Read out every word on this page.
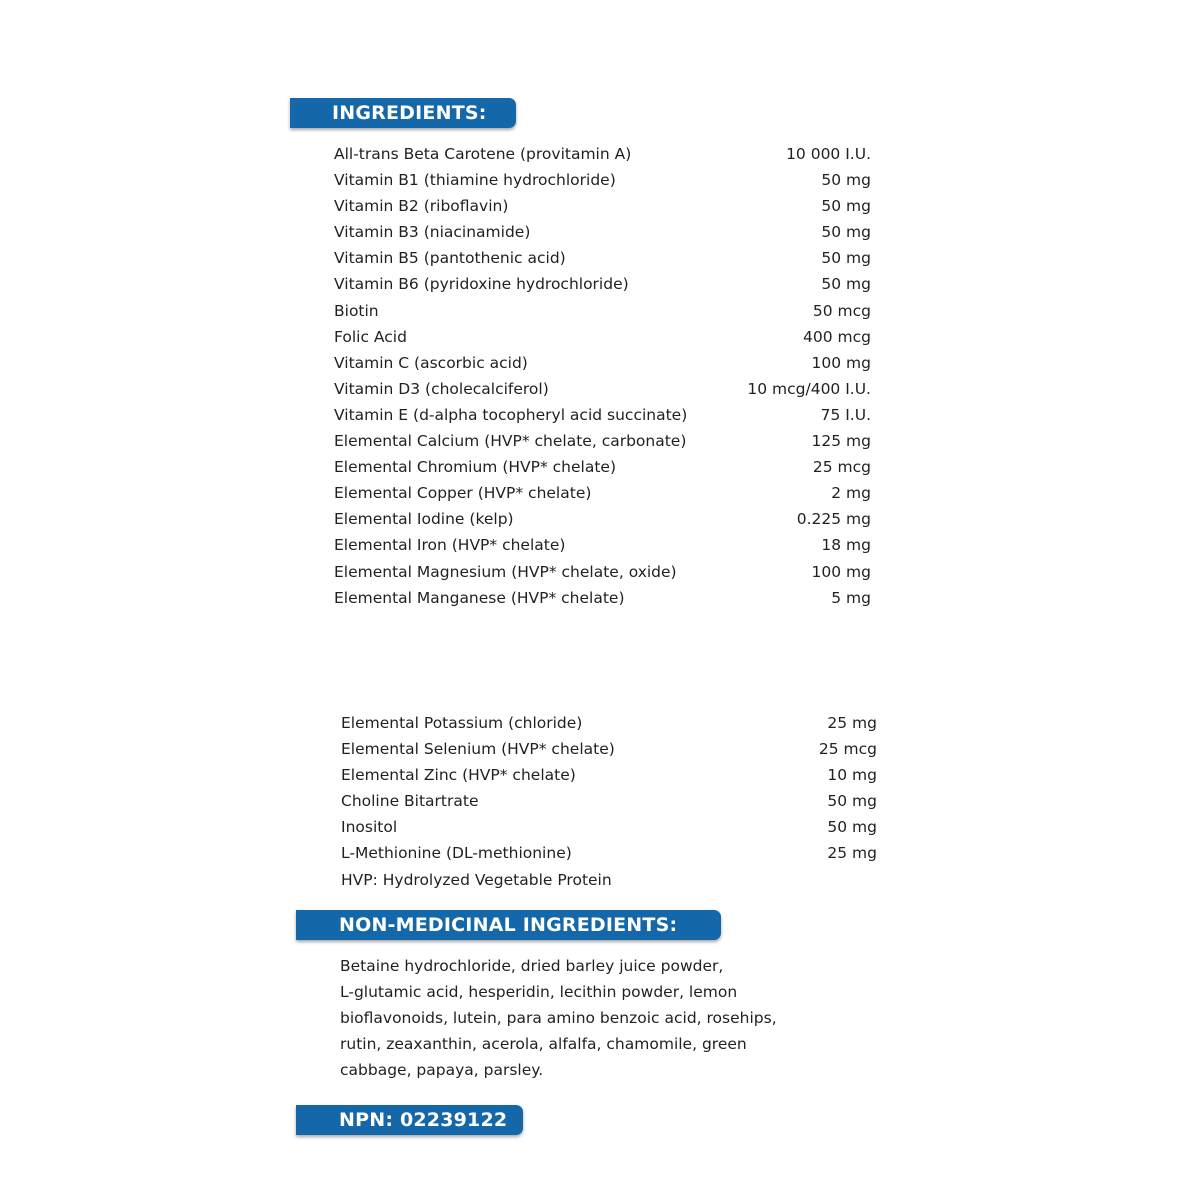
INGREDIENTS:
All-trans Beta Carotene (provitamin A)	10 000 I.U.
Vitamin B1 (thiamine hydrochloride)	50 mg
Vitamin B2 (riboflavin)	50 mg
Vitamin B3 (niacinamide)	50 mg
Vitamin B5 (pantothenic acid)	50 mg
Vitamin B6 (pyridoxine hydrochloride)	50 mg
Biotin	50 mcg
Folic Acid	400 mcg
Vitamin C (ascorbic acid)	100 mg
Vitamin D3 (cholecalciferol)	10 mcg/400 I.U.
Vitamin E (d-alpha tocopheryl acid succinate)	75 I.U.
Elemental Calcium (HVP* chelate, carbonate)	125 mg
Elemental Chromium (HVP* chelate)	25 mcg
Elemental Copper (HVP* chelate)	2 mg
Elemental Iodine (kelp)	0.225 mg
Elemental Iron (HVP* chelate)	18 mg
Elemental Magnesium (HVP* chelate, oxide)	100 mg
Elemental Manganese (HVP* chelate)	5 mg
Elemental Potassium (chloride)	25 mg
Elemental Selenium (HVP* chelate)	25 mcg
Elemental Zinc (HVP* chelate)	10 mg
Choline Bitartrate	50 mg
Inositol	50 mg
L-Methionine (DL-methionine)	25 mg
HVP: Hydrolyzed Vegetable Protein
NON-MEDICINAL INGREDIENTS:

Betaine hydrochloride, dried barley juice powder,
L-glutamic acid, hesperidin, lecithin powder, lemon
bioflavonoids, lutein, para amino benzoic acid, rosehips,
rutin, zeaxanthin, acerola, alfalfa, chamomile, green
cabbage, papaya, parsley.

NPN: 02239122
